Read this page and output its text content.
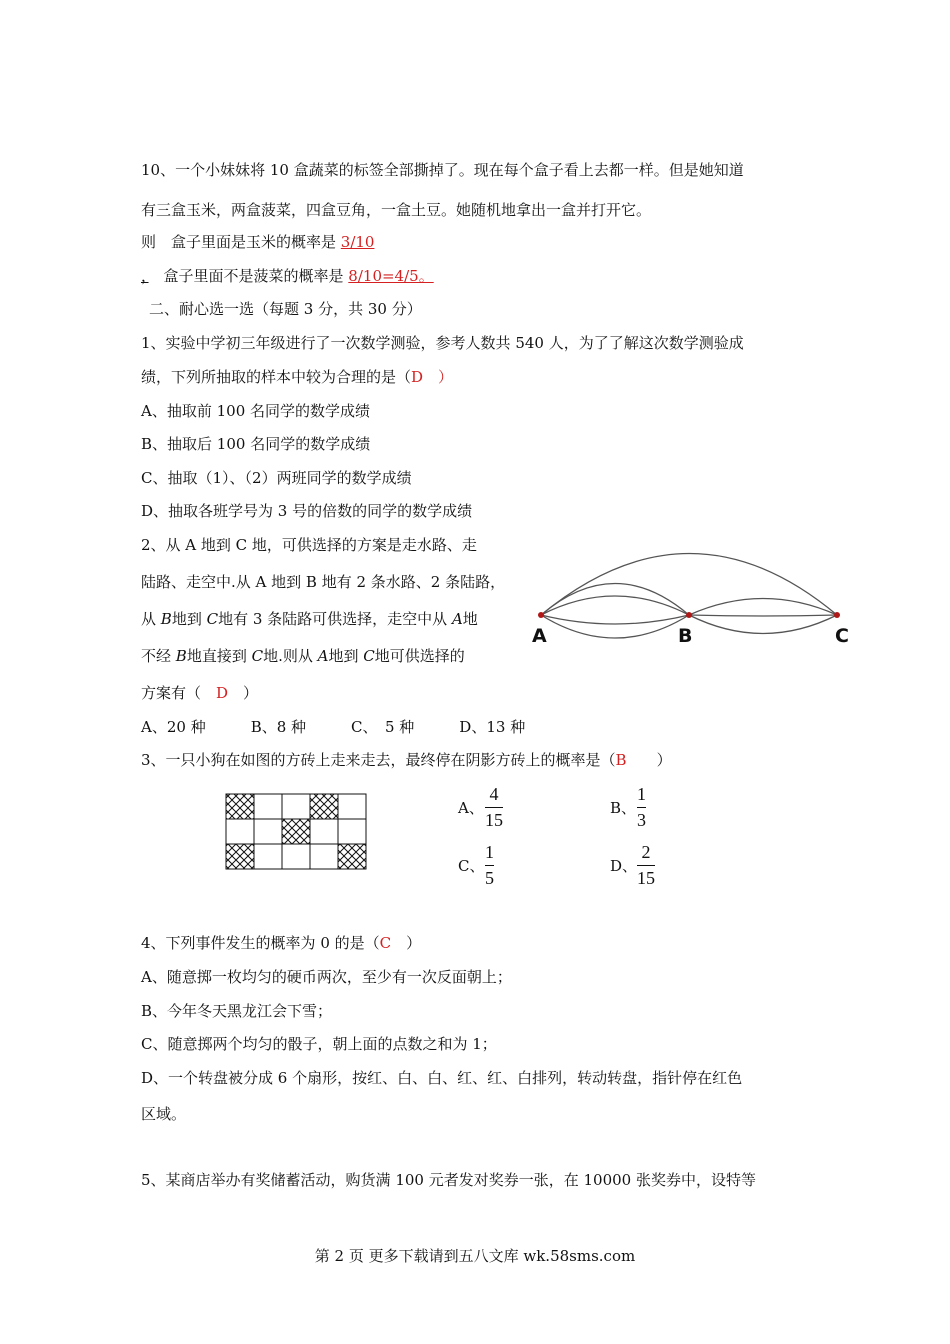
10、一个小妹妹将 10 盒蔬菜的标签全部撕掉了。现在每个盒子看上去都一样。但是她知道
有三盒玉米，两盒菠菜，四盒豆角，一盒土豆。她随机地拿出一盒并打开它。
则　盒子里面是玉米的概率是 3/10
，　盒子里面不是菠菜的概率是 8/10=4/5。
二、耐心选一选（每题 3 分，共 30 分）
1、实验中学初三年级进行了一次数学测验，参考人数共 540 人，为了了解这次数学测验成
绩，下列所抽取的样本中较为合理的是（D　）
A、抽取前 100 名同学的数学成绩
B、抽取后 100 名同学的数学成绩
C、抽取（1）、（2）两班同学的数学成绩
D、抽取各班学号为 3 号的倍数的同学的数学成绩
2、从 A 地到 C 地，可供选择的方案是走水路、走
陆路、走空中.从 A 地到 B 地有 2 条水路、2 条陆路，
从 B地到 C地有 3 条陆路可供选择，走空中从 A地
不经 B地直接到 C地.则从 A地到 C地可供选择的
方案有（　D　）
A、20 种　　　B、8 种　　　C、　5 种　　　D、13 种
A	B	C
3、一只小狗在如图的方砖上走来走去，最终停在阴影方砖上的概率是（B　　）
A、
4
15
B、
1
3
C、
1
5
D、
2
15
4、下列事件发生的概率为 0 的是（C　）
A、随意掷一枚均匀的硬币两次，至少有一次反面朝上；
B、今年冬天黑龙江会下雪；
C、随意掷两个均匀的骰子，朝上面的点数之和为 1；
D、一个转盘被分成 6 个扇形，按红、白、白、红、红、白排列，转动转盘，指针停在红色
区域。
5、某商店举办有奖储蓄活动，购货满 100 元者发对奖券一张，在 10000 张奖券中，设特等
第 2 页 更多下载请到五八文库 wk.58sms.com
